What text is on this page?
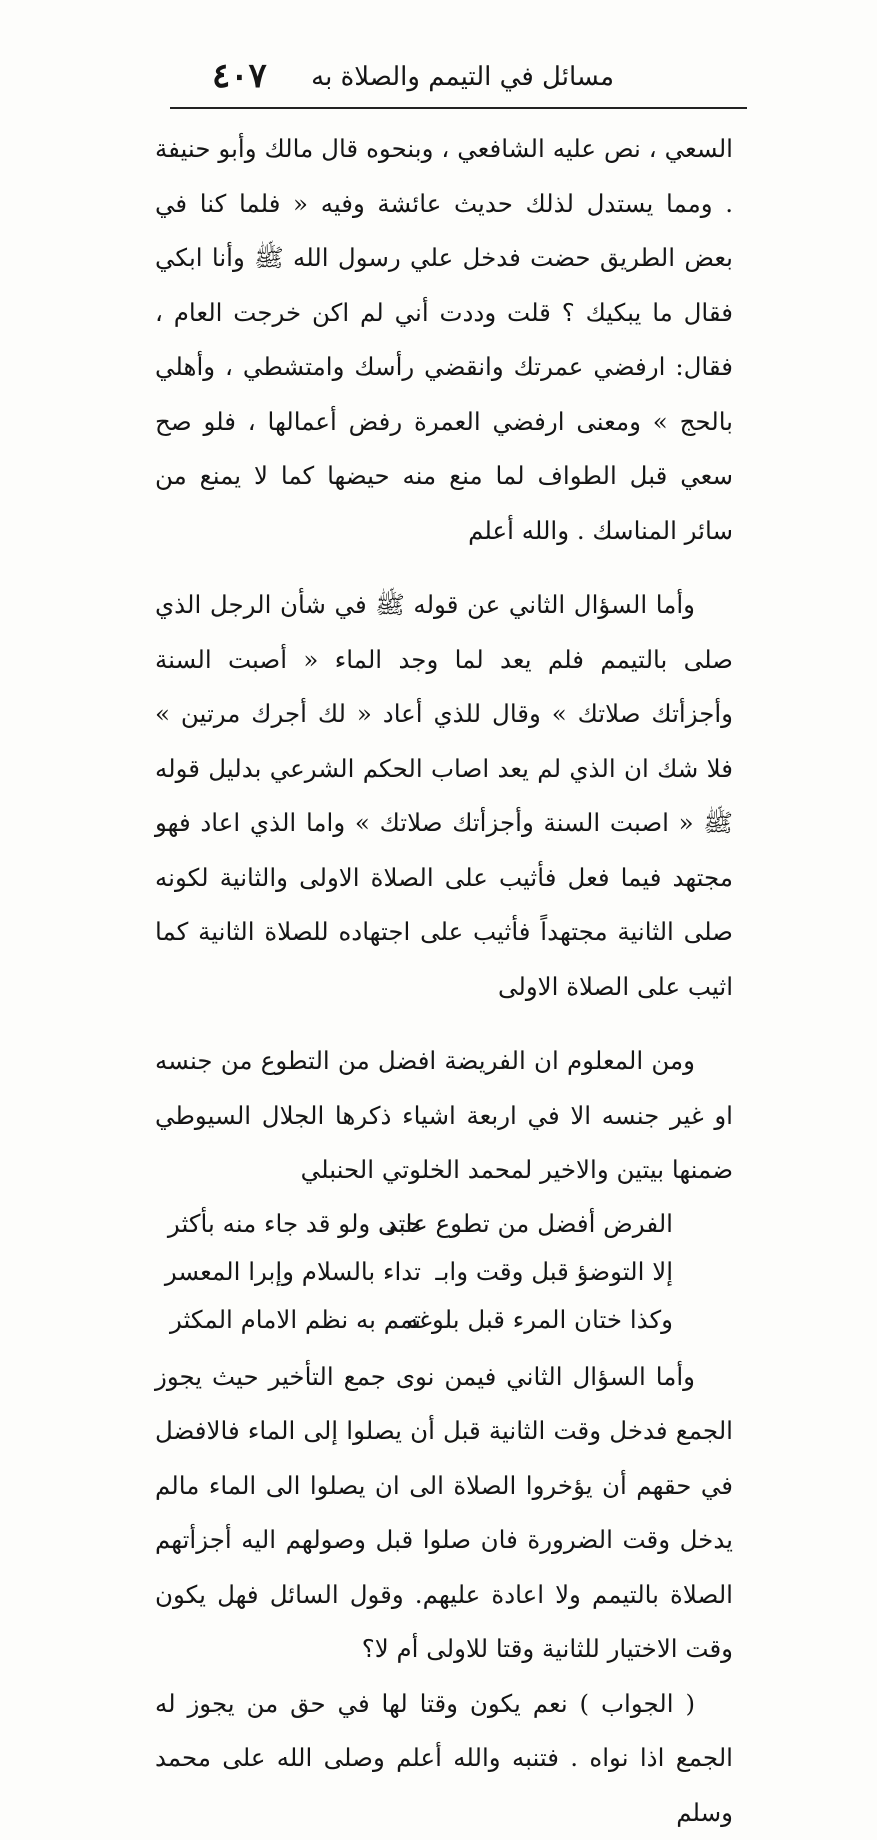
مسائل في التيمم والصلاة به
٤٠٧

السعي ، نص عليه الشافعي ، وبنحوه قال مالك وأبو حنيفة . ومما يستدل لذلك حديث عائشة وفيه « فلما كنا في بعض الطريق حضت فدخل علي رسول الله ﷺ وأنا ابكي فقال ما يبكيك ؟ قلت وددت أني لم اكن خرجت العام ، فقال: ارفضي عمرتك وانقضي رأسك وامتشطي ، وأهلي بالحج » ومعنى ارفضي العمرة رفض أعمالها ، فلو صح سعي قبل الطواف لما منع منه حيضها كما لا يمنع من سائر المناسك . والله أعلم

وأما السؤال الثاني عن قوله ﷺ في شأن الرجل الذي صلى بالتيمم فلم يعد لما وجد الماء « أصبت السنة وأجزأتك صلاتك » وقال للذي أعاد « لك أجرك مرتين » فلا شك ان الذي لم يعد اصاب الحكم الشرعي بدليل قوله ﷺ « اصبت السنة وأجزأتك صلاتك » واما الذي اعاد فهو مجتهد فيما فعل فأثيب على الصلاة الاولى والثانية لكونه صلى الثانية مجتهداً فأثيب على اجتهاده للصلاة الثانية كما اثيب على الصلاة الاولى

ومن المعلوم ان الفريضة افضل من التطوع من جنسه او غير جنسه الا في اربعة اشياء ذكرها الجلال السيوطي ضمنها بيتين والاخير لمحمد الخلوتي الحنبلي

الفرض أفضل من تطوع عابد
حتى ولو قد جاء منه بأكثر
إلا التوضؤ قبل وقت وابـ
تداء بالسلام وإبرا المعسر
وكذا ختان المرء قبل بلوغه
تمم به نظم الامام المكثر

وأما السؤال الثاني فيمن نوى جمع التأخير حيث يجوز الجمع فدخل وقت الثانية قبل أن يصلوا إلى الماء فالافضل في حقهم أن يؤخروا الصلاة الى ان يصلوا الى الماء مالم يدخل وقت الضرورة فان صلوا قبل وصولهم اليه أجزأتهم الصلاة بالتيمم ولا اعادة عليهم. وقول السائل فهل يكون وقت الاختيار للثانية وقتا للاولى أم لا؟

( الجواب ) نعم يكون وقتا لها في حق من يجوز له الجمع اذا نواه . فتنبه والله أعلم وصلى الله على محمد وسلم
